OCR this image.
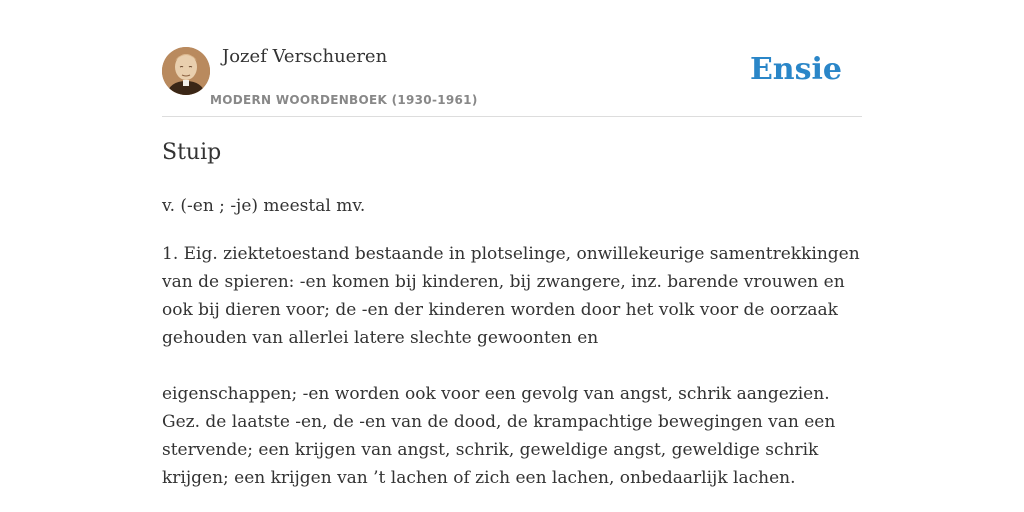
Jozef Verschueren
MODERN WOORDENBOEK (1930-1961)
Ensie
Stuip
v. (-en ; -je) meestal mv.

1. Eig. ziektetoestand bestaande in plotselinge, onwillekeurige samentrekkingen van de spieren: -en komen bij kinderen, bij zwangere, inz. barende vrouwen en ook bij dieren voor; de -en der kinderen worden door het volk voor de oorzaak gehouden van allerlei latere slechte gewoonten en

eigenschappen; -en worden ook voor een gevolg van angst, schrik aangezien. Gez. de laatste -en, de -en van de dood, de krampachtige bewegingen van een stervende; een krijgen van angst, schrik, geweldige angst, geweldige schrik krijgen; een krijgen van ’t lachen of zich een lachen, onbedaarlijk lachen.
